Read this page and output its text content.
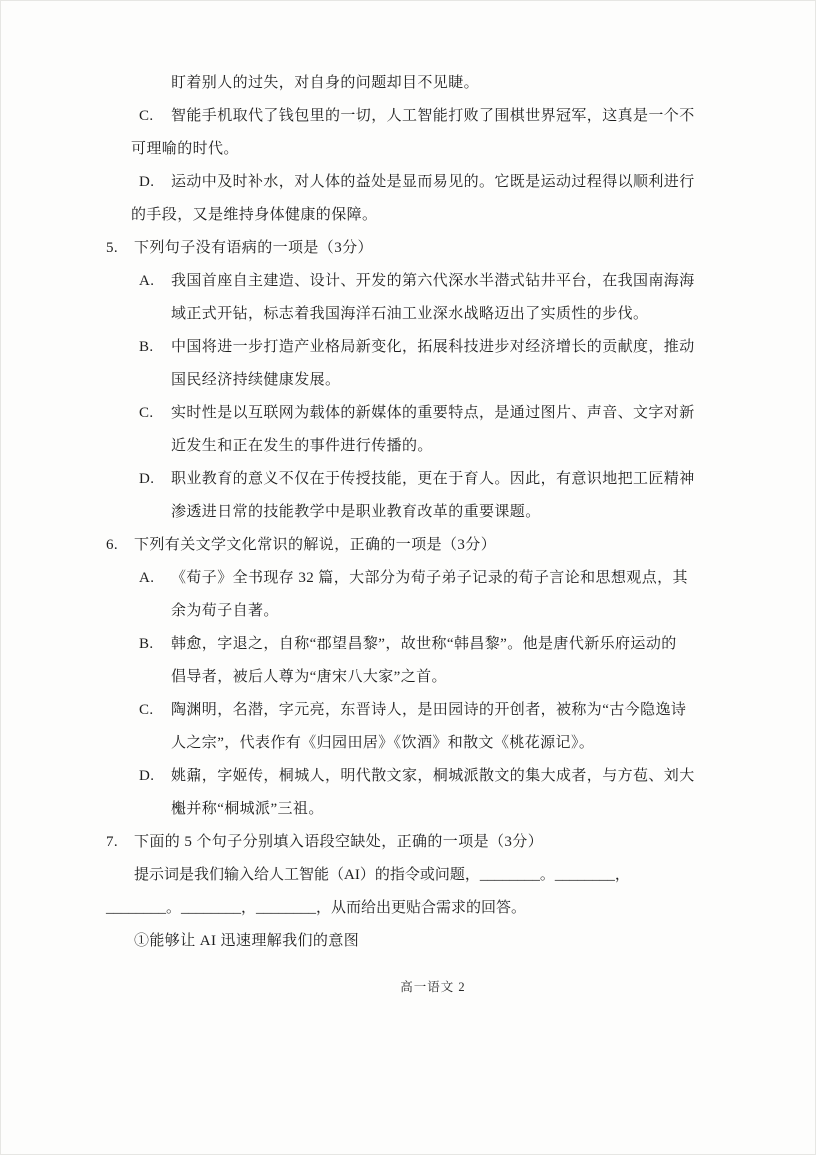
盯着别人的过失，对自身的问题却目不见睫。
C.	智能手机取代了钱包里的一切，人工智能打败了围棋世界冠军，这真是一个不
可理喻的时代。
D.	运动中及时补水，对人体的益处是显而易见的。它既是运动过程得以顺利进行
的手段，又是维持身体健康的保障。
5.	下列句子没有语病的一项是（3分）
A.	我国首座自主建造、设计、开发的第六代深水半潜式钻井平台，在我国南海海
域正式开钻，标志着我国海洋石油工业深水战略迈出了实质性的步伐。
B.	中国将进一步打造产业格局新变化，拓展科技进步对经济增长的贡献度，推动
国民经济持续健康发展。
C.	实时性是以互联网为载体的新媒体的重要特点，是通过图片、声音、文字对新
近发生和正在发生的事件进行传播的。
D.	职业教育的意义不仅在于传授技能，更在于育人。因此，有意识地把工匠精神
渗透进日常的技能教学中是职业教育改革的重要课题。
6.	下列有关文学文化常识的解说，正确的一项是（3分）
A.	《荀子》全书现存 32 篇，大部分为荀子弟子记录的荀子言论和思想观点，其
余为荀子自著。
B.	韩愈，字退之，自称“郡望昌黎”，故世称“韩昌黎”。他是唐代新乐府运动的
倡导者，被后人尊为“唐宋八大家”之首。
C.	陶渊明，名潜，字元亮，东晋诗人，是田园诗的开创者，被称为“古今隐逸诗
人之宗”，代表作有《归园田居》《饮酒》和散文《桃花源记》。
D.	姚鼐，字姬传，桐城人，明代散文家，桐城派散文的集大成者，与方苞、刘大
櫆并称“桐城派”三祖。
7.	下面的 5 个句子分别填入语段空缺处，正确的一项是（3分）
提示词是我们输入给人工智能（AI）的指令或问题，________。________，
________。________，________，从而给出更贴合需求的回答。
①能够让 AI 迅速理解我们的意图
高一语文 2
